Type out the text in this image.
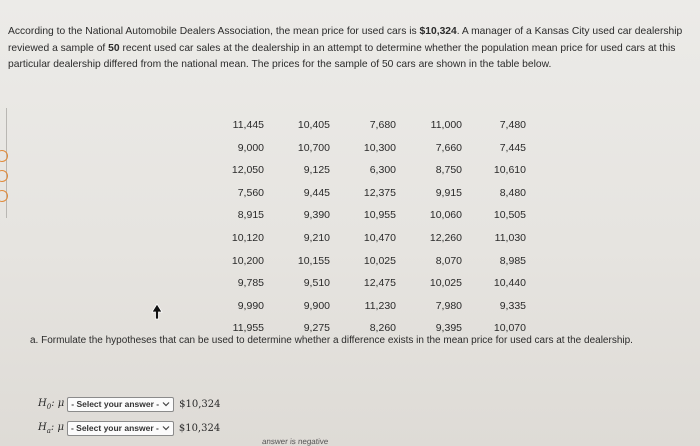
According to the National Automobile Dealers Association, the mean price for used cars is $10,324. A manager of a Kansas City used car dealership reviewed a sample of 50 recent used car sales at the dealership in an attempt to determine whether the population mean price for used cars at this particular dealership differed from the national mean. The prices for the sample of 50 cars are shown in the table below.
11,445	10,405	7,680	11,000	7,480
9,000	10,700	10,300	7,660	7,445
12,050	9,125	6,300	8,750	10,610
7,560	9,445	12,375	9,915	8,480
8,915	9,390	10,955	10,060	10,505
10,120	9,210	10,470	12,260	11,030
10,200	10,155	10,025	8,070	8,985
9,785	9,510	12,475	10,025	10,440
9,990	9,900	11,230	7,980	9,335
11,955	9,275	8,260	9,395	10,070
a. Formulate the hypotheses that can be used to determine whether a difference exists in the mean price for used cars at the dealership.
$H_0$: μ - Select your answer - $10,324
$H_a$: μ - Select your answer - $10,324
answer is negative
